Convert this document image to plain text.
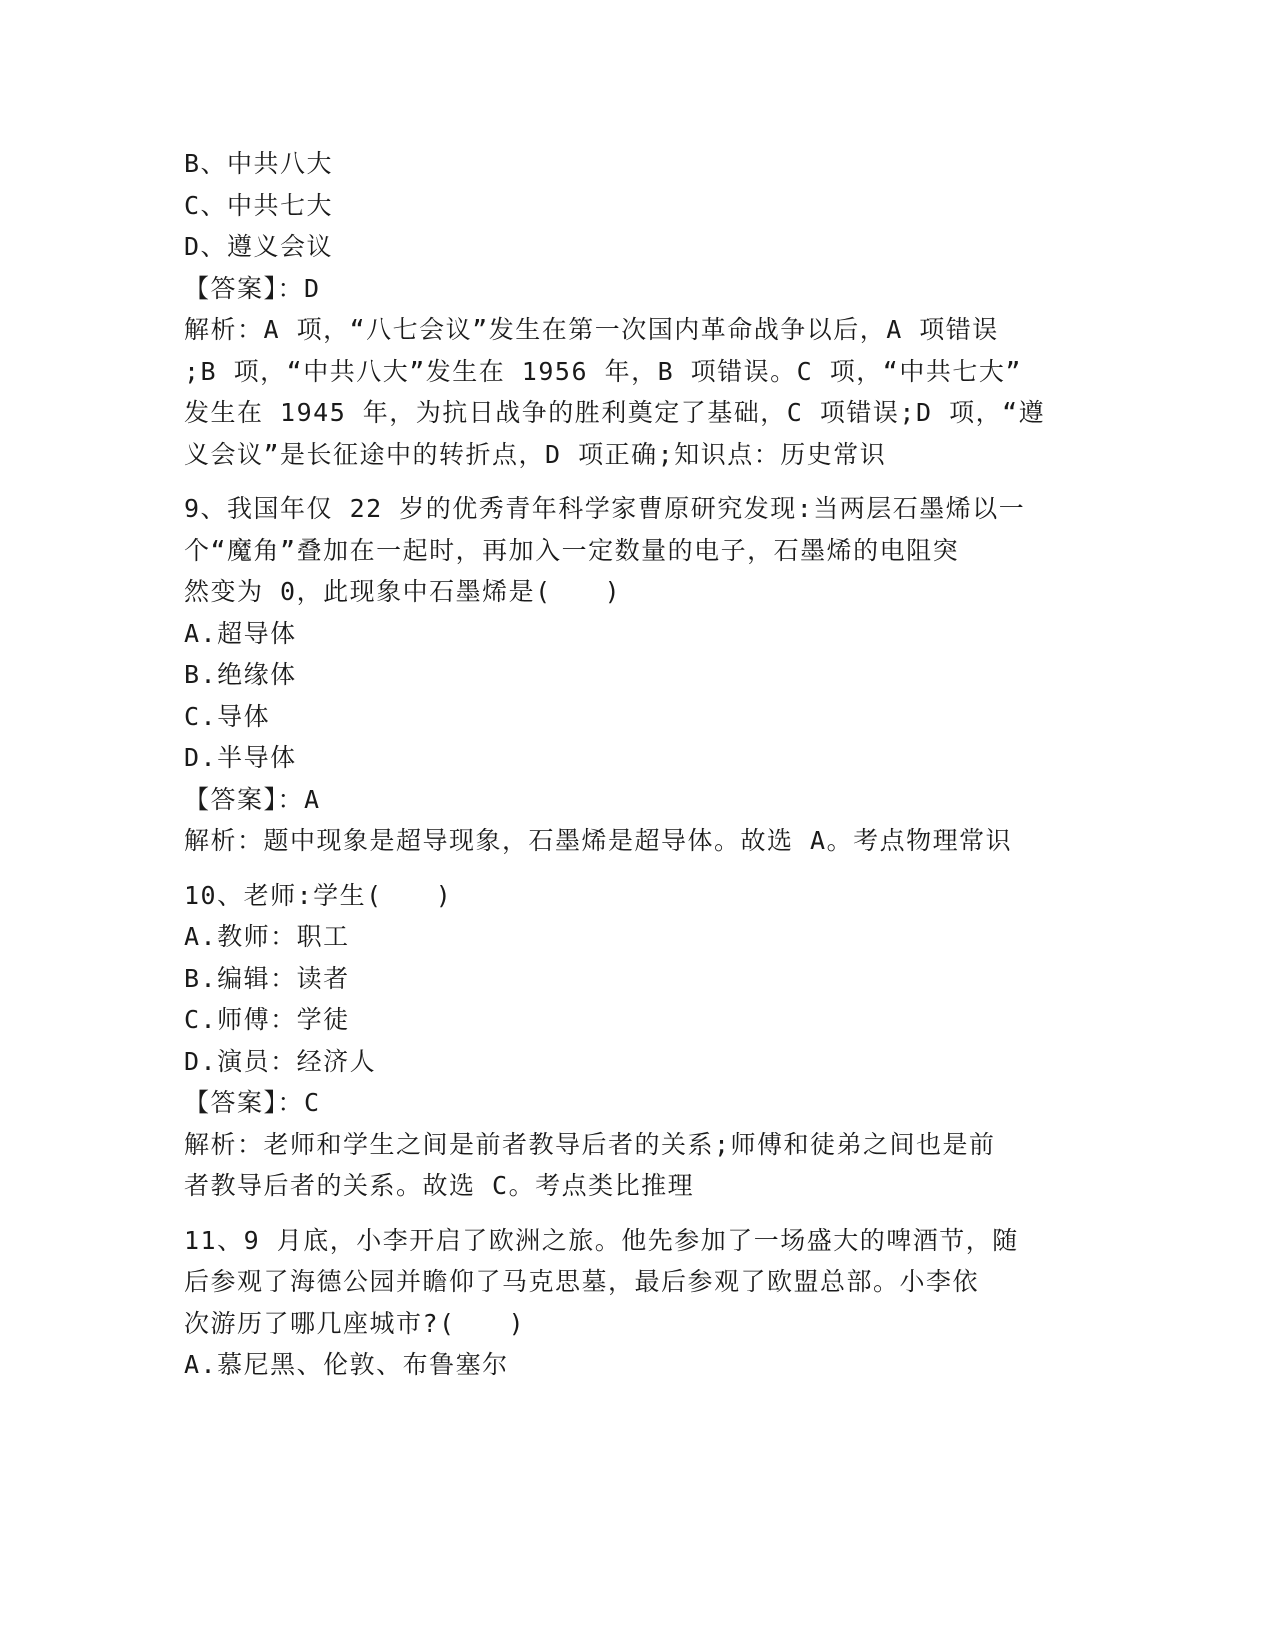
B、中共八大
C、中共七大
D、遵义会议
【答案】：D
解析：A 项，“八七会议”发生在第一次国内革命战争以后，A 项错误
;B 项，“中共八大”发生在 1956 年，B 项错误。C 项，“中共七大”
发生在 1945 年，为抗日战争的胜利奠定了基础，C 项错误;D 项，“遵
义会议”是长征途中的转折点，D 项正确;知识点：历史常识
9、我国年仅 22 岁的优秀青年科学家曹原研究发现:当两层石墨烯以一
个“魔角”叠加在一起时，再加入一定数量的电子，石墨烯的电阻突
然变为 0，此现象中石墨烯是(　　)
A.超导体
B.绝缘体
C.导体
D.半导体
【答案】：A
解析：题中现象是超导现象，石墨烯是超导体。故选 A。考点物理常识
10、老师:学生(　　)
A.教师：职工
B.编辑：读者
C.师傅：学徒
D.演员：经济人
【答案】：C
解析：老师和学生之间是前者教导后者的关系;师傅和徒弟之间也是前
者教导后者的关系。故选 C。考点类比推理
11、9 月底，小李开启了欧洲之旅。他先参加了一场盛大的啤酒节，随
后参观了海德公园并瞻仰了马克思墓，最后参观了欧盟总部。小李依
次游历了哪几座城市?(　　)
A.慕尼黑、伦敦、布鲁塞尔
